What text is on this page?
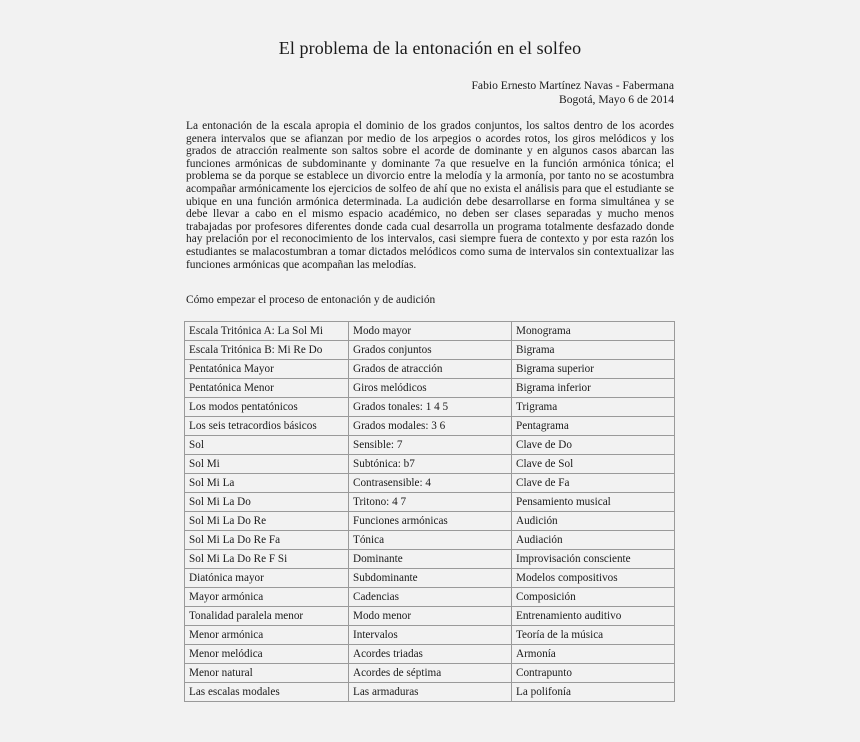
El problema de la entonación en el solfeo
Fabio Ernesto Martínez Navas - Fabermana
Bogotá, Mayo 6 de 2014
La entonación de la escala apropia el dominio de los grados conjuntos, los saltos dentro de los acordes genera intervalos que se afianzan por medio de los arpegios o acordes rotos, los giros melódicos y los grados de atracción realmente son saltos sobre el acorde de dominante y en algunos casos abarcan las funciones armónicas de subdominante y dominante 7a que resuelve en la función armónica tónica; el problema se da porque se establece un divorcio entre la melodía y la armonía, por tanto no se acostumbra acompañar armónicamente los ejercicios de solfeo de ahí que no exista el análisis para que el estudiante se ubique en una función armónica determinada. La audición debe desarrollarse en forma simultánea y se debe llevar a cabo en el mismo espacio académico, no deben ser clases separadas y mucho menos trabajadas por profesores diferentes donde cada cual desarrolla un programa totalmente desfazado donde hay prelación por el reconocimiento de los intervalos, casi siempre fuera de contexto y por esta razón los estudiantes se malacostumbran a tomar dictados melódicos como suma de intervalos sin contextualizar las funciones armónicas que acompañan las melodías.
Cómo empezar el proceso de entonación y de audición
Escala Tritónica A: La Sol Mi	Modo mayor	Monograma
Escala Tritónica B: Mi Re Do	Grados conjuntos	Bigrama
Pentatónica Mayor	Grados de atracción	Bigrama superior
Pentatónica Menor	Giros melódicos	Bigrama inferior
Los modos pentatónicos	Grados tonales: 1 4 5	Trigrama
Los seis tetracordios básicos	Grados modales: 3 6	Pentagrama
Sol	Sensible: 7	Clave de Do
Sol Mi	Subtónica: b7	Clave de Sol
Sol Mi La	Contrasensible: 4	Clave de Fa
Sol Mi La Do	Tritono: 4 7	Pensamiento musical
Sol Mi La Do Re	Funciones armónicas	Audición
Sol Mi La Do Re Fa	Tónica	Audiación
Sol Mi La Do Re F Si	Dominante	Improvisación consciente
Diatónica mayor	Subdominante	Modelos compositivos
Mayor armónica	Cadencias	Composición
Tonalidad paralela menor	Modo menor	Entrenamiento auditivo
Menor armónica	Intervalos	Teoría de la música
Menor melódica	Acordes triadas	Armonía
Menor natural	Acordes de séptima	Contrapunto
Las escalas modales	Las armaduras	La polifonía
